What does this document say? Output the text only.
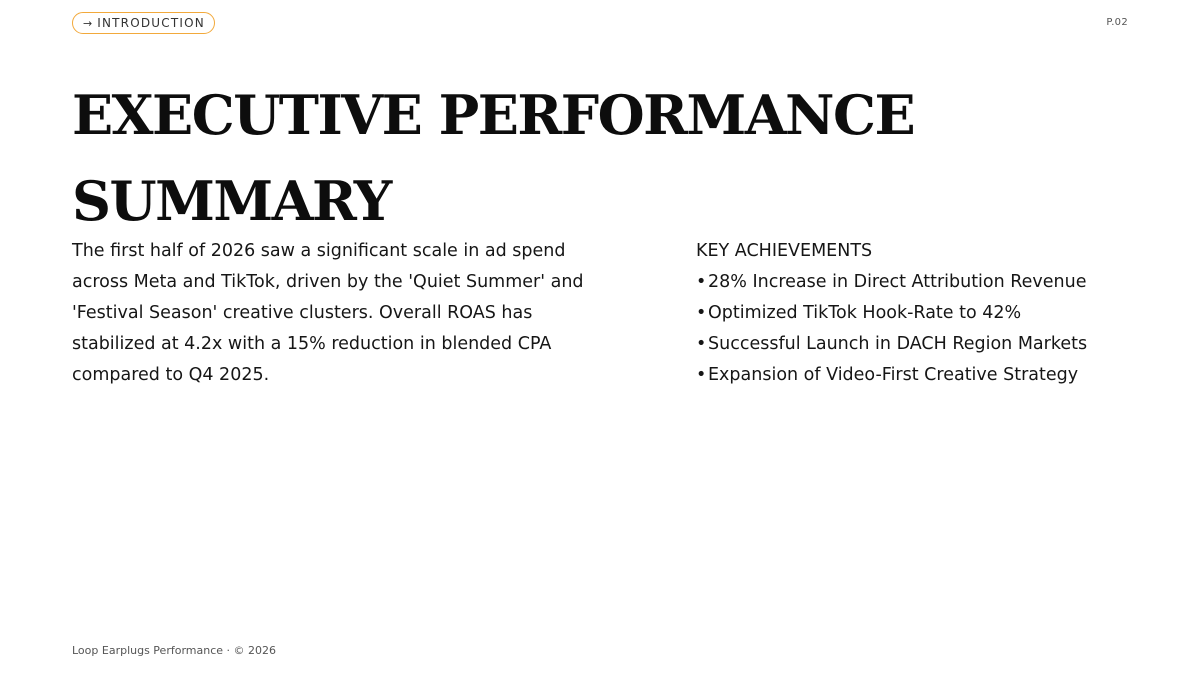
→ INTRODUCTION	P.02
EXECUTIVE PERFORMANCE SUMMARY

The first half of 2026 saw a significant scale in ad spend across Meta and TikTok, driven by the 'Quiet Summer' and 'Festival Season' creative clusters. Overall ROAS has stabilized at 4.2x with a 15% reduction in blended CPA compared to Q4 2025.

KEY ACHIEVEMENTS
•28% Increase in Direct Attribution Revenue
•Optimized TikTok Hook-Rate to 42%
•Successful Launch in DACH Region Markets
•Expansion of Video-First Creative Strategy
Loop Earplugs Performance · © 2026
